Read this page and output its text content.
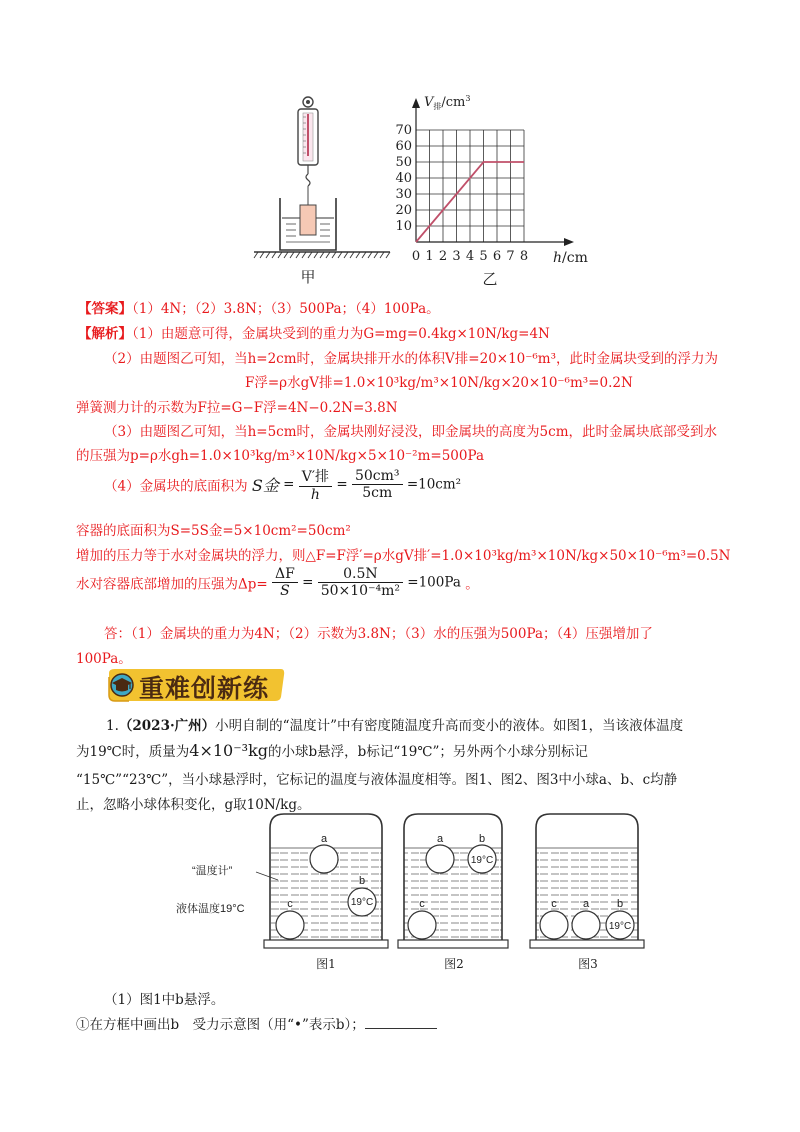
甲
$V_排/cm^3$
70
60
50
40
30
20
10
0 1 2 3 4 5 6 7 8 h/cm
乙
【答案】（1）4N；（2）3.8N；（3）500Pa；（4）100Pa。
【解析】（1）由题意可得，金属块受到的重力为G=mg=0.4kg×10N/kg=4N
（2）由题图乙可知，当h=2cm时，金属块排开水的体积V排=20×10⁻⁶m³，此时金属块受到的浮力为
F浮=ρ水gV排=1.0×10³kg/m³×10N/kg×20×10⁻⁶m³=0.2N
弹簧测力计的示数为F拉=G−F浮=4N−0.2N=3.8N
（3）由题图乙可知，当h=5cm时，金属块刚好浸没，即金属块的高度为5cm，此时金属块底部受到水
的压强为p=ρ水gh=1.0×10³kg/m³×10N/kg×5×10⁻²m=500Pa
（4）金属块的底面积为 S金 = $\frac{\text{V′排}}{h} = \frac{\text{50cm³}}{5cm} =10cm^2$
容器的底面积为S=5S金=5×10cm²=50cm²
增加的压力等于水对金属块的浮力，则△F=F浮′=ρ水gV排′=1.0×10³kg/m³×10N/kg×50×10⁻⁶m³=0.5N
水对容器底部增加的压强为$\Delta p= \frac{\Delta F}{S} = \frac{0.5N}{\text{50×10⁻⁴m²}} =100Pa$ 。
答：（1）金属块的重力为4N；（2）示数为3.8N；（3）水的压强为500Pa；（4）压强增加了
100Pa。
重难创新练
1.（2023·广州）小明自制的“温度计”中有密度随温度升高而变小的液体。如图1，当该液体温度
为19℃时，质量为4×10⁻³kg的小球b悬浮，b标记“19℃”；另外两个小球分别标记
“15℃”“23℃”，当小球悬浮时，它标记的温度与液体温度相等。图1、图2、图3中小球a、b、c均静
止，忽略小球体积变化，g取10N/kg。
a
b
19°C
c
“温度计”
液体温度19°C
图1
a	b
19°C
c
图2
c a	b
19°C
图3
（1）图1中b悬浮。
①在方框中画出b　受力示意图（用“•”表示b）；
